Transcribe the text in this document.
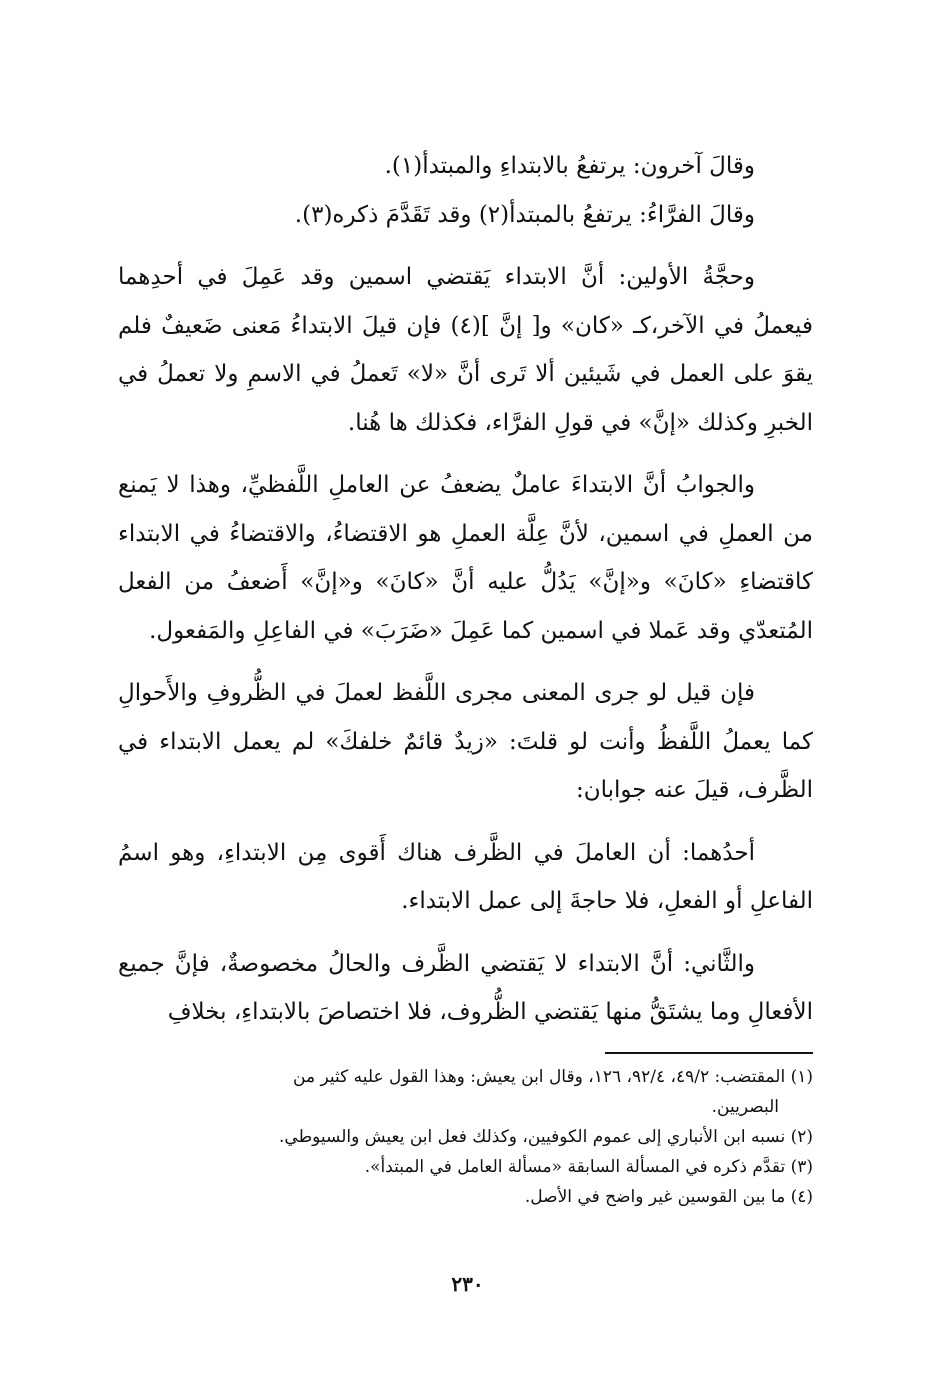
وقالَ آخرون: يرتفعُ بالابتداءِ والمبتدأ(١).

وقالَ الفرَّاءُ: يرتفعُ بالمبتدأ(٢) وقد تَقَدَّمَ ذكره(٣).

وحجَّةُ الأولين: أنَّ الابتداء يَقتضي اسمين وقد عَمِلَ في أحدِهما فيعملُ في الآخر،كـ «كان» و[ إنَّ ](٤) فإن قيلَ الابتداءُ مَعنى ضَعيفٌ فلم يقوَ على العمل في شَيئين ألا تَرى أنَّ «لا» تَعملُ في الاسمِ ولا تعملُ في الخبرِ وكذلك «إنَّ» في قولِ الفرَّاء، فكذلك ها هُنا.

والجوابُ أنَّ الابتداءَ عاملٌ يضعفُ عن العاملِ اللَّفظيِّ، وهذا لا يَمنع من العملِ في اسمين، لأنَّ عِلَّة العملِ هو الاقتضاءُ، والاقتضاءُ في الابتداء كاقتضاءِ «كانَ» و«إنَّ» يَدُلُّ عليه أنَّ «كانَ» و«إنَّ» أَضعفُ من الفعل المُتعدّي وقد عَملا في اسمين كما عَمِلَ «ضَرَبَ» في الفاعِلِ والمَفعول.

فإن قيل لو جرى المعنى مجرى اللَّفظ لعملَ في الظُّروفِ والأَحوالِ كما يعملُ اللَّفظُ وأنت لو قلتَ: «زيدٌ قائمٌ خلفكَ» لم يعمل الابتداء في الظَّرف، قيلَ عنه جوابان:

أحدُهما: أن العاملَ في الظَّرف هناك أَقوى مِن الابتداءِ، وهو اسمُ الفاعلِ أو الفعلِ، فلا حاجةَ إلى عمل الابتداء.

والثَّاني: أنَّ الابتداء لا يَقتضي الظَّرف والحالُ مخصوصةٌ، فإنَّ جميع الأفعالِ وما يشتَقُّ منها يَقتضي الظُّروف، فلا اختصاصَ بالابتداءِ، بخلافِ

(١) المقتضب: ٤٩/٢، ٩٢/٤، ١٢٦، وقال ابن يعيش: وهذا القول عليه كثير من

البصريين.

(٢) نسبه ابن الأنباري إلى عموم الكوفيين، وكذلك فعل ابن يعيش والسيوطي.

(٣) تقدَّم ذكره في المسألة السابقة «مسألة العامل في المبتدأ».

(٤) ما بين القوسين غير واضح في الأصل.

٢٣٠
